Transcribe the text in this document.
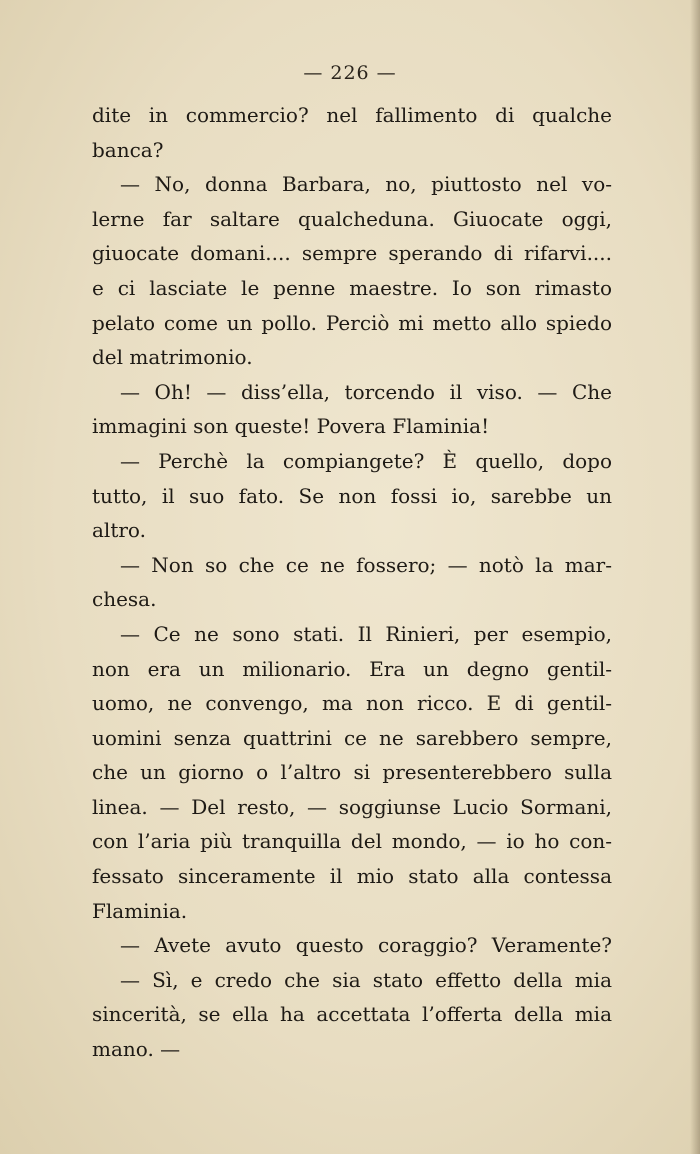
— 226 —
dite in commercio? nel fallimento di qualche
banca?
— No, donna Barbara, no, piuttosto nel vo-
lerne far saltare qualcheduna. Giuocate oggi,
giuocate domani.... sempre sperando di rifarvi....
e ci lasciate le penne maestre. Io son rimasto
pelato come un pollo. Perciò mi metto allo spiedo
del matrimonio.
— Oh! — diss’ella, torcendo il viso. — Che
immagini son queste! Povera Flaminia!
— Perchè la compiangete? È quello, dopo
tutto, il suo fato. Se non fossi io, sarebbe un
altro.
— Non so che ce ne fossero; — notò la mar-
chesa.
— Ce ne sono stati. Il Rinieri, per esempio,
non era un milionario. Era un degno gentil-
uomo, ne convengo, ma non ricco. E di gentil-
uomini senza quattrini ce ne sarebbero sempre,
che un giorno o l’altro si presenterebbero sulla
linea. — Del resto, — soggiunse Lucio Sormani,
con l’aria più tranquilla del mondo, — io ho con-
fessato sinceramente il mio stato alla contessa
Flaminia.
— Avete avuto questo coraggio? Veramente?
— Sì, e credo che sia stato effetto della mia
sincerità, se ella ha accettata l’offerta della mia
mano. —
